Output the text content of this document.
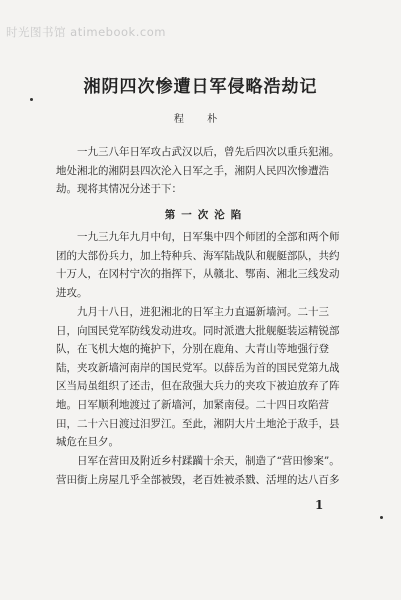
时光图书馆 atimebook.com
湘阴四次惨遭日军侵略浩劫记
程 朴
　　一九三八年日军攻占武汉以后，曾先后四次以重兵犯湘。
地处湘北的湘阴县四次沦入日军之手，湘阴人民四次惨遭浩
劫。现将其情况分述于下：
第一次沦陷
　　一九三九年九月中旬，日军集中四个师团的全部和两个师
团的大部份兵力，加上特种兵、海军陆战队和舰艇部队，共约
十万人，在冈村宁次的指挥下，从赣北、鄂南、湘北三线发动
进攻。
　　九月十八日，进犯湘北的日军主力直逼新墙河。二十三
日，向国民党军防线发动进攻。同时派遣大批舰艇装运精锐部
队，在飞机大炮的掩护下，分别在鹿角、大青山等地强行登
陆，夹攻新墙河南岸的国民党军。以薛岳为首的国民党第九战
区当局虽组织了还击，但在敌强大兵力的夹攻下被迫放弃了阵
地。日军顺利地渡过了新墙河，加紧南侵。二十四日攻陷营
田，二十六日渡过汨罗江。至此，湘阴大片土地沦于敌手，县
城危在旦夕。
　　日军在营田及附近乡村蹂躏十余天，制造了“营田惨案”。
营田街上房屋几乎全部被毁，老百姓被杀戮、活埋的达八百多
1
